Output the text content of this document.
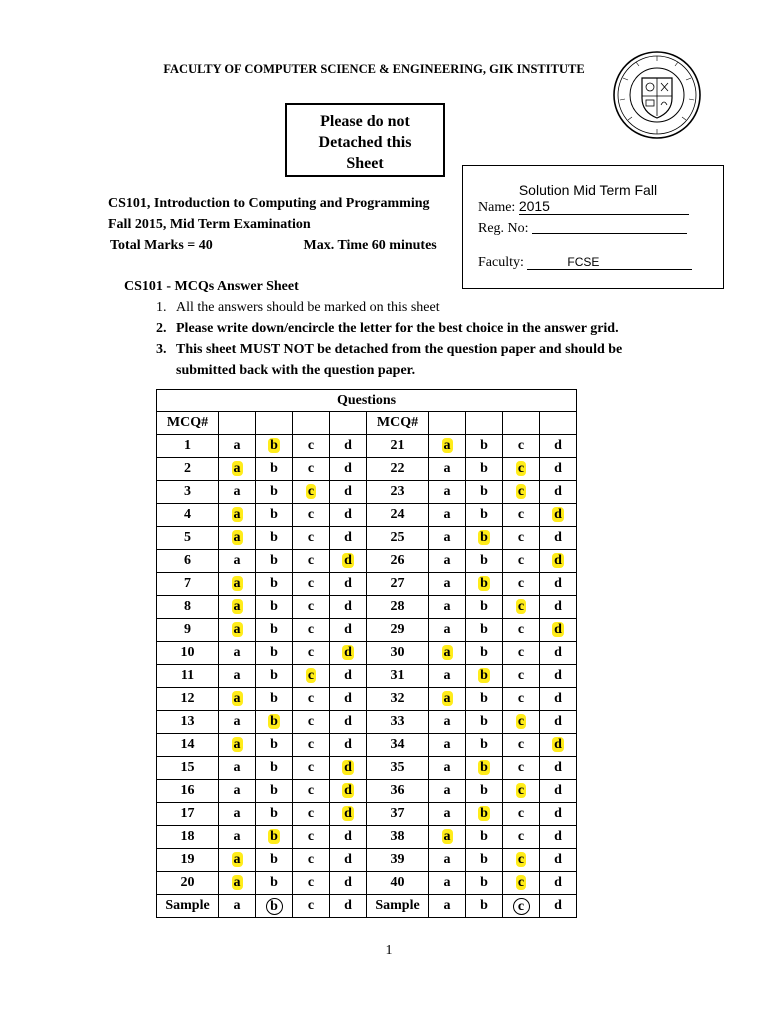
FACULTY OF COMPUTER SCIENCE & ENGINEERING, GIK INSTITUTE
Please do not
Detached this
Sheet
Name: Solution Mid Term Fall 2015
Reg. No:
Faculty:	FCSE
CS101, Introduction to Computing and Programming
Fall 2015, Mid Term Examination
Total Marks = 40	Max. Time 60 minutes
CS101 - MCQs Answer Sheet
1. All the answers should be marked on this sheet
2. Please write down/encircle the letter for the best choice in the answer grid.
3. This sheet MUST NOT be detached from the question paper and should be submitted back with the question paper.
Questions									
MCQ#					MCQ#				
1	a	b	c	d	21	a	b	c	d
2	a	b	c	d	22	a	b	c	d
3	a	b	c	d	23	a	b	c	d
4	a	b	c	d	24	a	b	c	d
5	a	b	c	d	25	a	b	c	d
6	a	b	c	d	26	a	b	c	d
7	a	b	c	d	27	a	b	c	d
8	a	b	c	d	28	a	b	c	d
9	a	b	c	d	29	a	b	c	d
10	a	b	c	d	30	a	b	c	d
11	a	b	c	d	31	a	b	c	d
12	a	b	c	d	32	a	b	c	d
13	a	b	c	d	33	a	b	c	d
14	a	b	c	d	34	a	b	c	d
15	a	b	c	d	35	a	b	c	d
16	a	b	c	d	36	a	b	c	d
17	a	b	c	d	37	a	b	c	d
18	a	b	c	d	38	a	b	c	d
19	a	b	c	d	39	a	b	c	d
20	a	b	c	d	40	a	b	c	d
Sample	a	b	c	d	Sample	a	b	c	d
1
